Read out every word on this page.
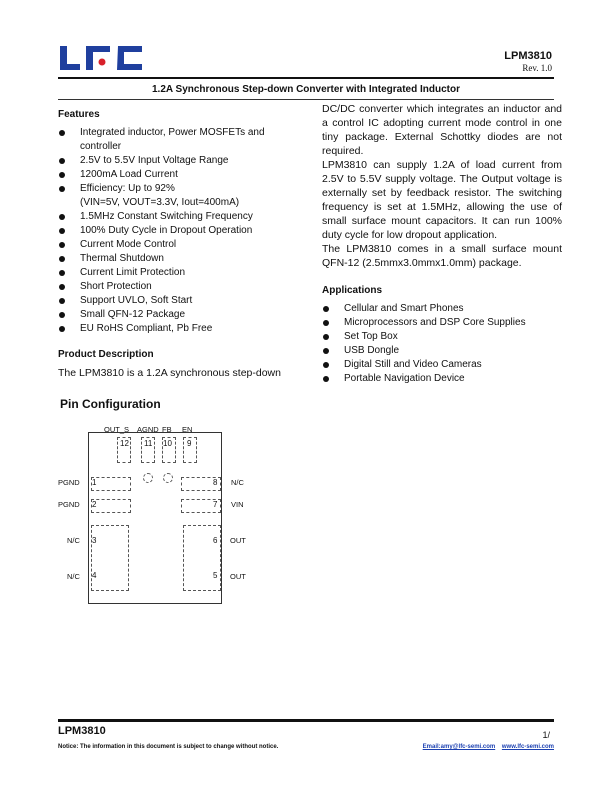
LPM3810
Rev. 1.0
1.2A Synchronous Step-down Converter with Integrated Inductor
Features
Integrated inductor, Power MOSFETs and
controller
2.5V to 5.5V Input Voltage Range
1200mA Load Current
Efficiency: Up to 92%
(VIN=5V, VOUT=3.3V, Iout=400mA)
1.5MHz Constant Switching Frequency
100% Duty Cycle in Dropout Operation
Current Mode Control
Thermal Shutdown
Current Limit Protection
Short Protection
Support UVLO, Soft Start
Small QFN-12 Package
EU RoHS Compliant, Pb Free
Product Description

The LPM3810 is a 1.2A synchronous step-down

DC/DC converter which integrates an inductor and a control IC adopting current mode control in one tiny package. External Schottky diodes are not required.

LPM3810 can supply 1.2A of load current from 2.5V to 5.5V supply voltage. The Output voltage is externally set by feedback resistor. The switching frequency is set at 1.5MHz, allowing the use of small surface mount capacitors. It can run 100% duty cycle for low dropout application.

The LPM3810 comes in a small surface mount QFN-12 (2.5mmx3.0mmx1.0mm) package.

Applications
Cellular and Smart Phones
Microprocessors and DSP Core Supplies
Set Top Box
USB Dongle
Digital Still and Video Cameras
Portable Navigation Device
Pin Configuration
OUT_S AGND FB EN
12 11 10 9
1
2
3
4
8
7
6
5
PGND
PGND
N/C
N/C
N/C
VIN
OUT
OUT
LPM3810	1/
Notice: The information in this document is subject to change without notice.	Email:amy@lfc-semi.com www.lfc-semi.com
